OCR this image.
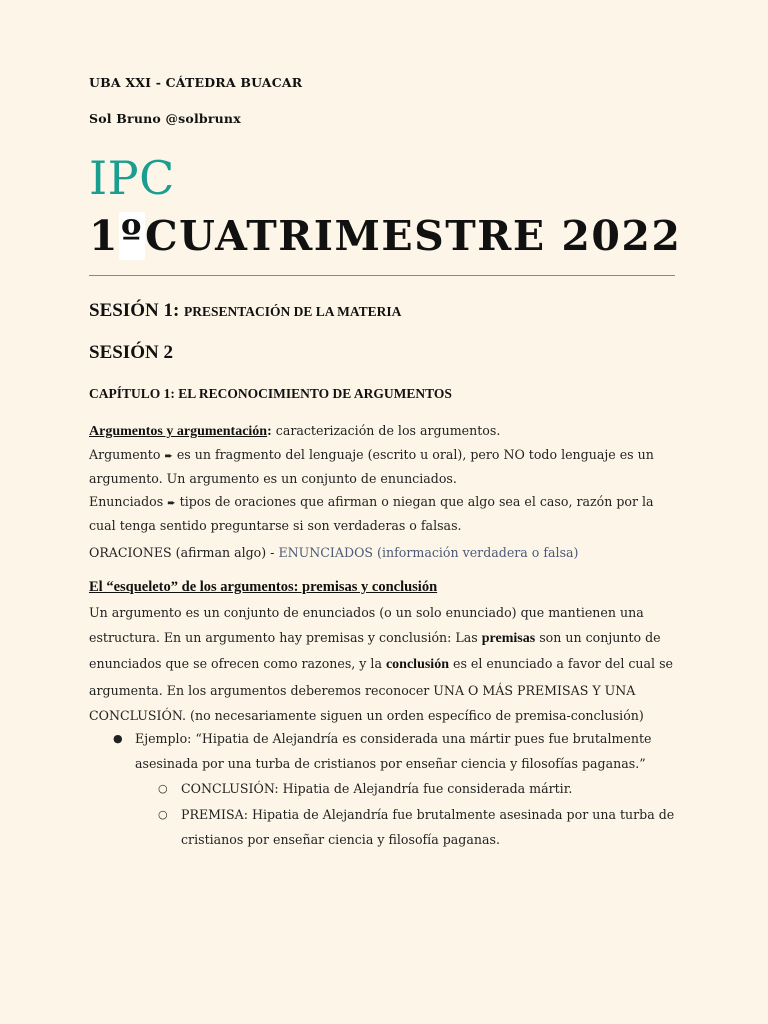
UBA XXI - CÁTEDRA BUACAR
Sol Bruno @solbrunx
IPC
1ºCUATRIMESTRE 2022
SESIÓN 1: PRESENTACIÓN DE LA MATERIA
SESIÓN 2
CAPÍTULO 1: EL RECONOCIMIENTO DE ARGUMENTOS
Argumentos y argumentación: caracterización de los argumentos.
Argumento ➨ es un fragmento del lenguaje (escrito u oral), pero NO todo lenguaje es un argumento. Un argumento es un conjunto de enunciados.
Enunciados ➨ tipos de oraciones que afirman o niegan que algo sea el caso, razón por la cual tenga sentido preguntarse si son verdaderas o falsas.
ORACIONES (afirman algo) - ENUNCIADOS (información verdadera o falsa)
El “esqueleto” de los argumentos: premisas y conclusión
Un argumento es un conjunto de enunciados (o un solo enunciado) que mantienen una estructura. En un argumento hay premisas y conclusión: Las premisas son un conjunto de enunciados que se ofrecen como razones, y la conclusión es el enunciado a favor del cual se argumenta. En los argumentos deberemos reconocer UNA O MÁS PREMISAS Y UNA CONCLUSIÓN. (no necesariamente siguen un orden específico de premisa-conclusión)
● Ejemplo: “Hipatia de Alejandría es considerada una mártir pues fue brutalmente asesinada por una turba de cristianos por enseñar ciencia y filosofías paganas.”
○ CONCLUSIÓN: Hipatia de Alejandría fue considerada mártir.
○ PREMISA: Hipatia de Alejandría fue brutalmente asesinada por una turba de cristianos por enseñar ciencia y filosofía paganas.
